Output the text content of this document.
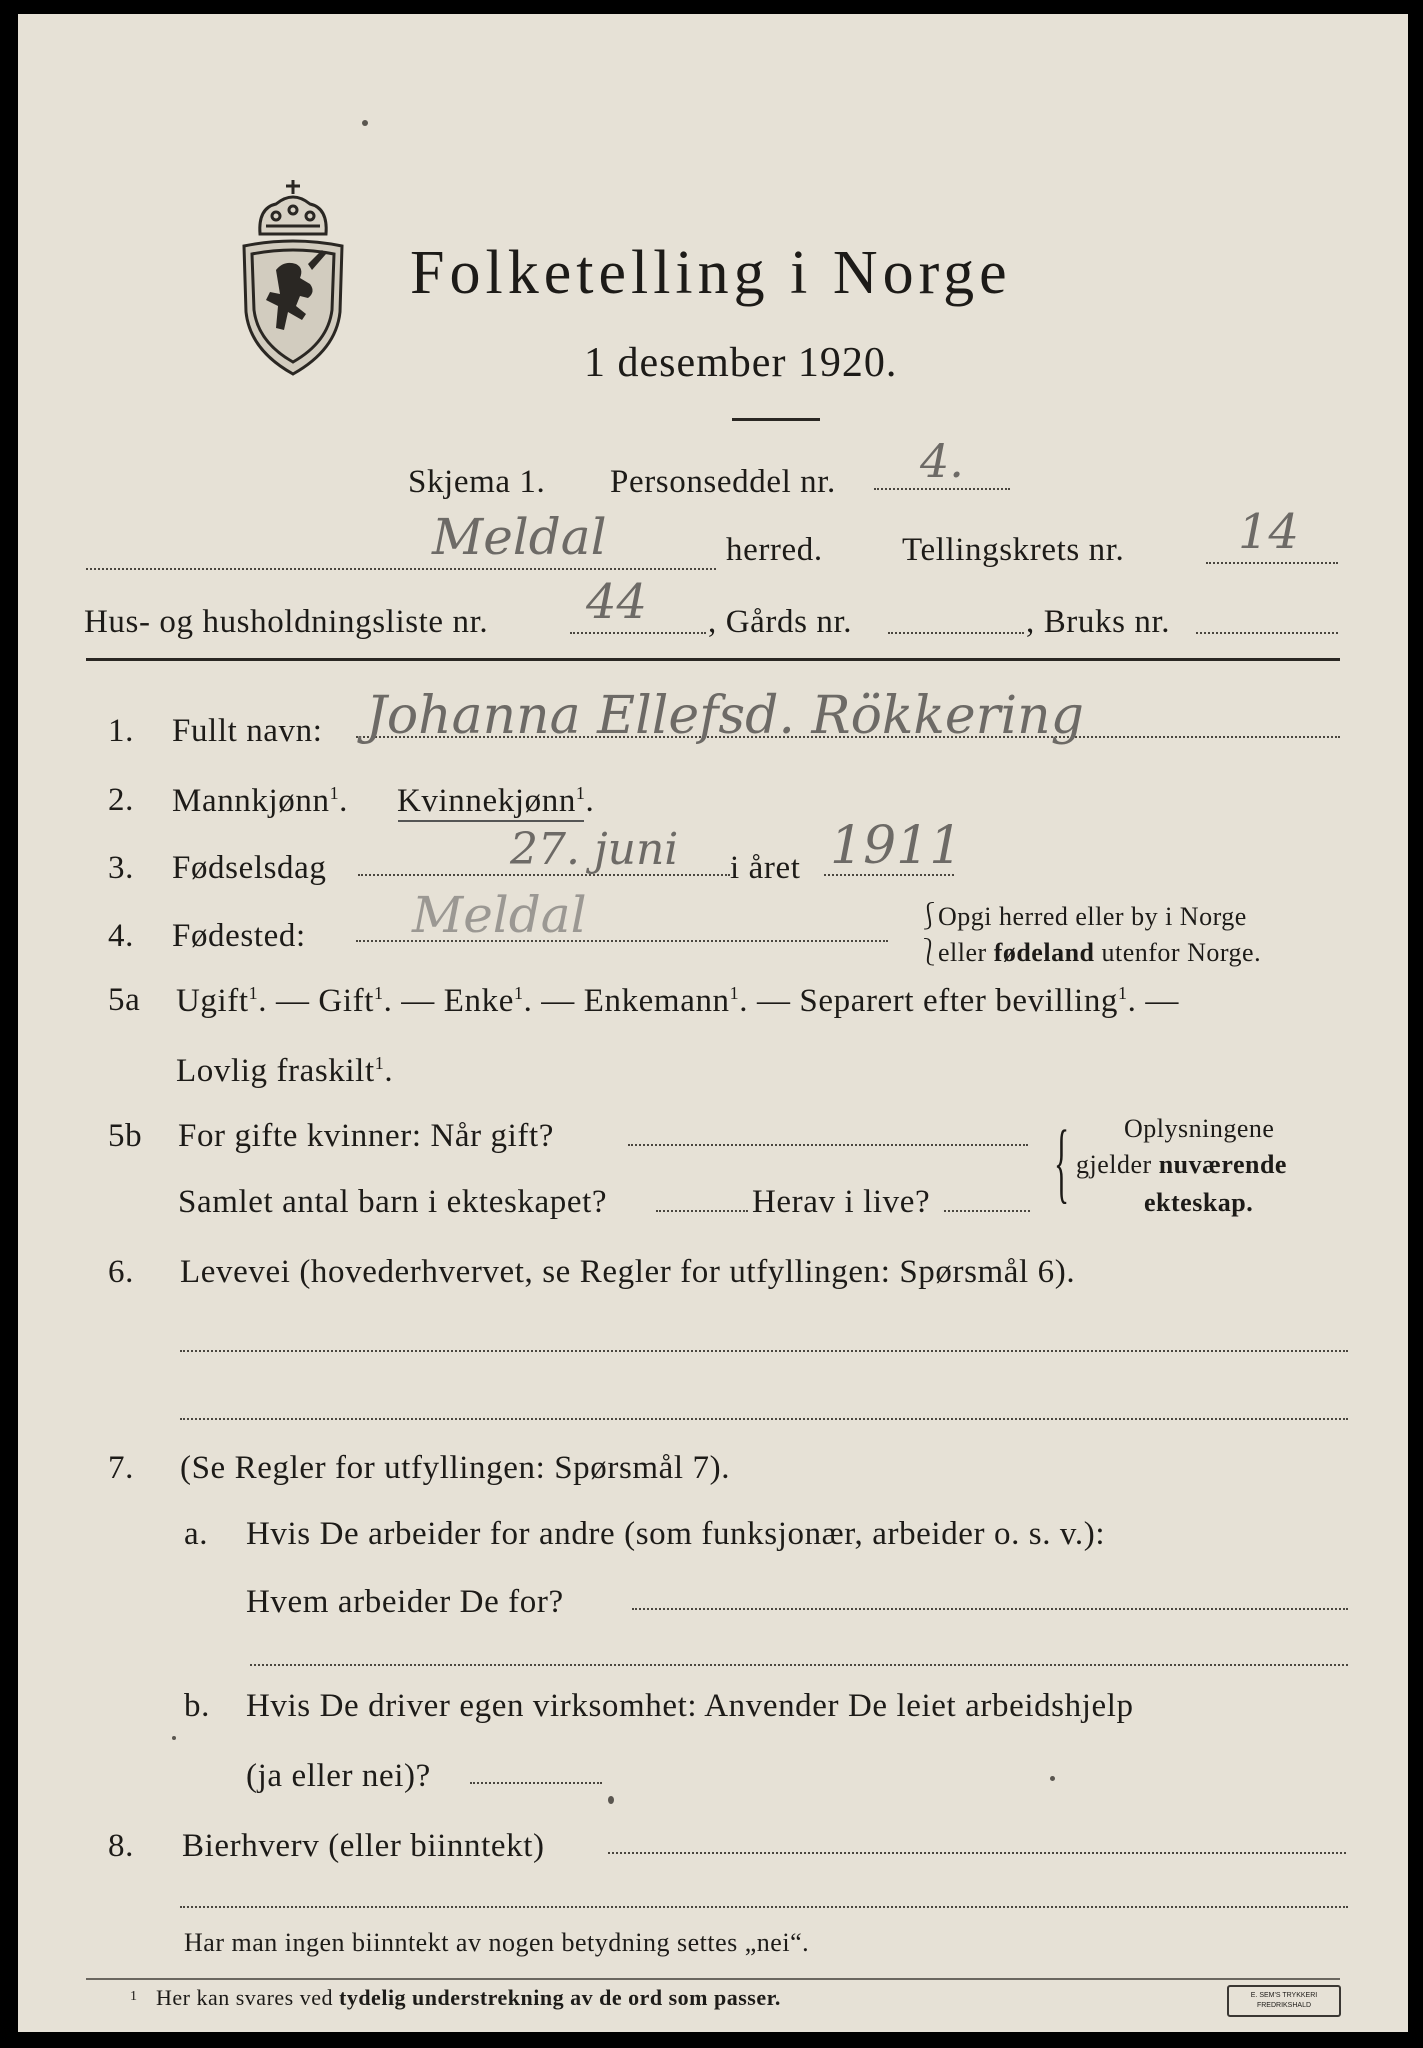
Folketelling i Norge
1 desember 1920.
Skjema 1. Personseddel nr. 4.
Meldal	herred. Tellingskrets nr. 14
Hus- og husholdningsliste nr. 44 , Gårds nr.	, Bruks nr.
1. Fullt navn: Johanna Ellefsd. Rökkering
2. Mannkjønn$^1$. Kvinnekjønn$^1$.
3. Fødselsdag	27. juni i året 1911
4. Fødested: Meldal	⎰
Opgi herred eller by i Norge
⎱
eller fødeland utenfor Norge.
5a Ugift$^1$. — Gift$^1$. — Enke$^1$. — Enkemann$^1$. — Separert efter bevilling$^1$. —
Lovlig fraskilt$^1$.
5b For gifte kvinner: Når gift?
Samlet antal barn i ekteskapet?	Herav i live? { Oplysningene
gjelder nuværende
ekteskap.
6. Levevei (hovederhvervet, se Regler for utfyllingen: Spørsmål 6).
7. (Se Regler for utfyllingen: Spørsmål 7).
a. Hvis De arbeider for andre (som funksjonær, arbeider o. s. v.):
Hvem arbeider De for?
b. Hvis De driver egen virksomhet: Anvender De leiet arbeidshjelp
(ja eller nei)?
8. Bierhverv (eller biinntekt)
Har man ingen biinntekt av nogen betydning settes „nei“.
1 Her kan svares ved tydelig understrekning av de ord som passer.	E. SEM'S TRYKKERI
FREDRIKSHALD
